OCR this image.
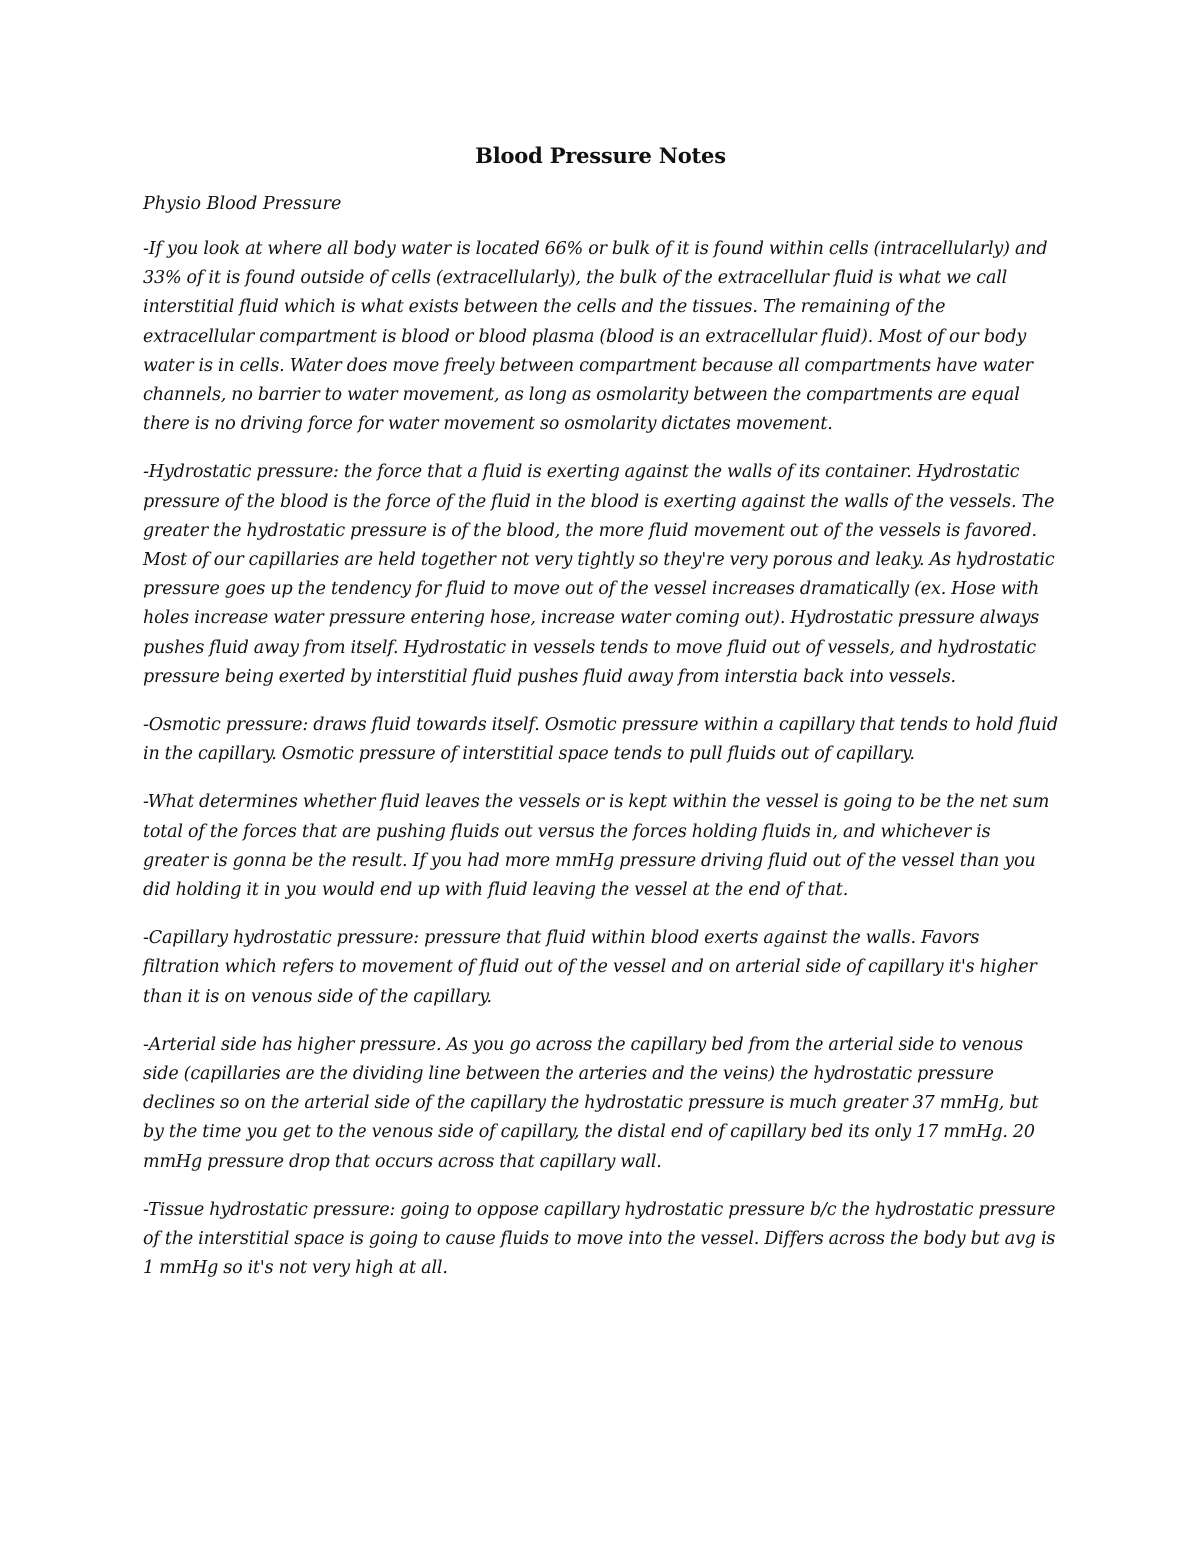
Blood Pressure Notes

Physio Blood Pressure

-If you look at where all body water is located 66% or bulk of it is found within cells (intracellularly) and 33% of it is found outside of cells (extracellularly), the bulk of the extracellular fluid is what we call interstitial fluid which is what exists between the cells and the tissues. The remaining of the extracellular compartment is blood or blood plasma (blood is an extracellular fluid). Most of our body water is in cells. Water does move freely between compartment because all compartments have water channels, no barrier to water movement, as long as osmolarity between the compartments are equal there is no driving force for water movement so osmolarity dictates movement.

-Hydrostatic pressure: the force that a fluid is exerting against the walls of its container. Hydrostatic pressure of the blood is the force of the fluid in the blood is exerting against the walls of the vessels. The greater the hydrostatic pressure is of the blood, the more fluid movement out of the vessels is favored. Most of our capillaries are held together not very tightly so they're very porous and leaky. As hydrostatic pressure goes up the tendency for fluid to move out of the vessel increases dramatically (ex. Hose with holes increase water pressure entering hose, increase water coming out). Hydrostatic pressure always pushes fluid away from itself. Hydrostatic in vessels tends to move fluid out of vessels, and hydrostatic pressure being exerted by interstitial fluid pushes fluid away from interstia back into vessels.

-Osmotic pressure: draws fluid towards itself. Osmotic pressure within a capillary that tends to hold fluid in the capillary. Osmotic pressure of interstitial space tends to pull fluids out of capillary.

-What determines whether fluid leaves the vessels or is kept within the vessel is going to be the net sum total of the forces that are pushing fluids out versus the forces holding fluids in, and whichever is greater is gonna be the result. If you had more mmHg pressure driving fluid out of the vessel than you did holding it in you would end up with fluid leaving the vessel at the end of that.

-Capillary hydrostatic pressure: pressure that fluid within blood exerts against the walls. Favors filtration which refers to movement of fluid out of the vessel and on arterial side of capillary it's higher than it is on venous side of the capillary.

-Arterial side has higher pressure. As you go across the capillary bed from the arterial side to venous side (capillaries are the dividing line between the arteries and the veins) the hydrostatic pressure declines so on the arterial side of the capillary the hydrostatic pressure is much greater 37 mmHg, but by the time you get to the venous side of capillary, the distal end of capillary bed its only 17 mmHg. 20 mmHg pressure drop that occurs across that capillary wall.

-Tissue hydrostatic pressure: going to oppose capillary hydrostatic pressure b/c the hydrostatic pressure of the interstitial space is going to cause fluids to move into the vessel. Differs across the body but avg is 1 mmHg so it's not very high at all.
